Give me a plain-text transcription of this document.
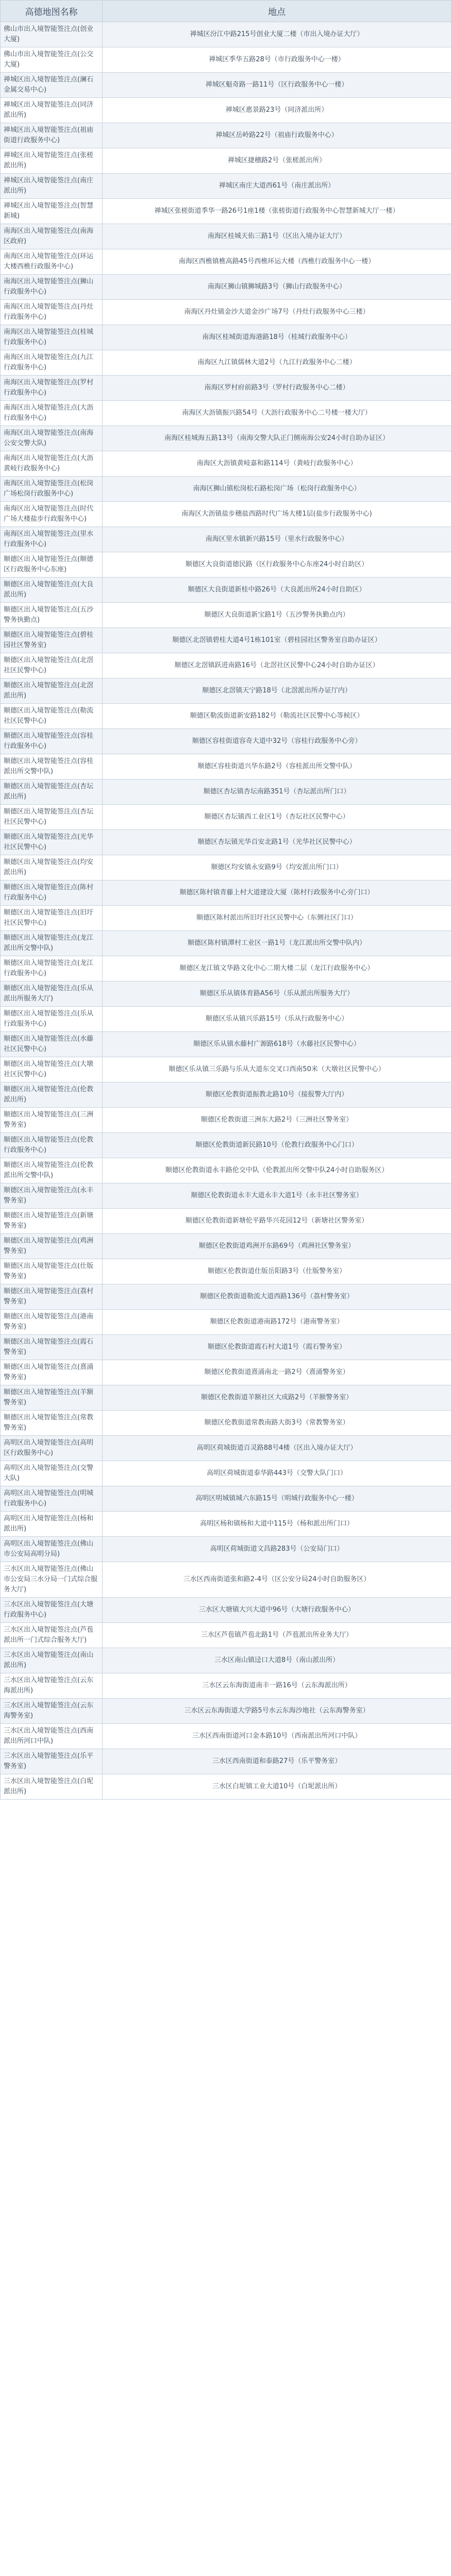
高德地图名称	地点
佛山市出入境智能签注点(创业大厦)	禅城区汾江中路215号创业大厦二楼（市出入境办证大厅）
佛山市出入境智能签注点(公交大厦)	禅城区季华五路28号（市行政服务中心一楼）
禅城区出入境智能签注点(澜石金属交易中心)	禅城区魁奇路一路11号（区行政服务中心一楼）
禅城区出入境智能签注点(同济派出所)	禅城区惠景路23号（同济派出所）
禅城区出入境智能签注点(祖庙街道行政服务中心)	禅城区岳岭路22号（祖庙行政服务中心）
禅城区出入境智能签注点(张槎派出所)	禅城区捷穗路2号（张槎派出所）
禅城区出入境智能签注点(南庄派出所)	禅城区南庄大道西61号（南庄派出所）
禅城区出入境智能签注点(智慧新城)	禅城区张槎街道季华一路26号1座1楼（张槎街道行政服务中心智慧新城大厅一楼）
南海区出入境智能签注点(南海区政府)	南海区桂城天佑三路1号（区出入境办证大厅）
南海区出入境智能签注点(环运大楼西樵行政服务中心)	南海区西樵镇樵高路45号西樵环运大楼（西樵行政服务中心一楼）
南海区出入境智能签注点(狮山行政服务中心)	南海区狮山镇狮城路3号（狮山行政服务中心）
南海区出入境智能签注点(丹灶行政服务中心)	南海区丹灶镇金沙大道金沙广场7号（丹灶行政服务中心三楼）
南海区出入境智能签注点(桂城行政服务中心)	南海区桂城街道海港路18号（桂城行政服务中心）
南海区出入境智能签注点(九江行政服务中心)	南海区九江镇儒林大道2号（九江行政服务中心二楼）
南海区出入境智能签注点(罗村行政服务中心)	南海区罗村府前路3号（罗村行政服务中心二楼）
南海区出入境智能签注点(大沥行政服务中心)	南海区大沥镇振兴路54号（大沥行政服务中心二号楼一楼大厅）
南海区出入境智能签注点(南海公安交警大队)	南海区桂城海五路13号（南海交警大队正门侧南海公安24小时自助办证区）
南海区出入境智能签注点(大沥黄岐行政服务中心)	南海区大沥镇黄岐嘉和路114号（黄岐行政服务中心）
南海区出入境智能签注点(松岗广场松岗行政服务中心)	南海区狮山镇松岗松石路松岗广场（松岗行政服务中心）
南海区出入境智能签注点(时代广场大楼盐步行政服务中心)	南海区大沥镇盐步穗盐西路时代广场大楼1层(盐步行政服务中心)
南海区出入境智能签注点(里水行政服务中心)	南海区里水镇新兴路15号（里水行政服务中心）
顺德区出入境智能签注点(顺德区行政服务中心东座)	顺德区大良街道德民路（区行政服务中心东座24小时自助区）
顺德区出入境智能签注点(大良派出所)	顺德区大良街道新桂中路26号（大良派出所24小时自助区）
顺德区出入境智能签注点(五沙警务执勤点)	顺德区大良街道新宝路1号（五沙警务执勤点内）
顺德区出入境智能签注点(碧桂园社区警务室)	顺德区北滘镇碧桂大道4号1栋101室（碧桂园社区警务室自助办证区）
顺德区出入境智能签注点(北滘社区民警中心)	顺德区北滘镇跃进南路16号（北滘社区民警中心24小时自助办证区）
顺德区出入境智能签注点(北滘派出所)	顺德区北滘镇天宁路18号（北滘派出所办证厅内）
顺德区出入境智能签注点(勒流社区民警中心)	顺德区勒流街道新安路182号（勒流社区民警中心等候区）
顺德区出入境智能签注点(容桂行政服务中心)	顺德区容桂街道容奇大道中32号（容桂行政服务中心旁）
顺德区出入境智能签注点(容桂派出所交警中队)	顺德区容桂街道兴华东路2号（容桂派出所交警中队）
顺德区出入境智能签注点(杏坛派出所)	顺德区杏坛镇杏坛南路351号（杏坛派出所门口）
顺德区出入境智能签注点(杏坛社区民警中心)	顺德区杏坛镇西工业区1号（杏坛社区民警中心）
顺德区出入境智能签注点(光华社区民警中心)	顺德区杏坛镇光华百安北路1号（光华社区民警中心）
顺德区出入境智能签注点(均安派出所)	顺德区均安镇永安路9号（均安派出所门口）
顺德区出入境智能签注点(陈村行政服务中心)	顺德区陈村镇青藤上村大道建设大厦（陈村行政服务中心旁门口）
顺德区出入境智能签注点(旧圩社区民警中心)	顺德区陈村派出所旧圩社区民警中心（东侧社区门口）
顺德区出入境智能签注点(龙江派出所交警中队)	顺德区陈村镇潭村工业区一路1号（龙江派出所交警中队内）
顺德区出入境智能签注点(龙江行政服务中心)	顺德区龙江镇文华路文化中心二期大楼二层（龙江行政服务中心）
顺德区出入境智能签注点(乐从派出所服务大厅)	顺德区乐从镇体育路A56号（乐从派出所服务大厅）
顺德区出入境智能签注点(乐从行政服务中心)	顺德区乐从镇兴乐路15号（乐从行政服务中心）
顺德区出入境智能签注点(水藤社区民警中心)	顺德区乐从镇水藤村广源路618号（水藤社区民警中心）
顺德区出入境智能签注点(大墩社区民警中心)	顺德区乐从镇三乐路与乐从大道东交叉口西南50米（大墩社区民警中心）
顺德区出入境智能签注点(伦教派出所)	顺德区伦教街道振教北路10号（接报警大厅内）
顺德区出入境智能签注点(三洲警务室)	顺德区伦教街道三洲东大路2号（三洲社区警务室）
顺德区出入境智能签注点(伦教行政服务中心)	顺德区伦教街道新民路10号（伦教行政服务中心门口）
顺德区出入境智能签注点(伦教派出所交警中队)	顺德区伦教街道永丰路伦交中队（伦教派出所交警中队24小时自助服务区）
顺德区出入境智能签注点(永丰警务室)	顺德区伦教街道永丰大道永丰大道1号（永丰社区警务室）
顺德区出入境智能签注点(新塘警务室)	顺德区伦教街道新塘伦平路华兴花园12号（新塘社区警务室）
顺德区出入境智能签注点(鸡洲警务室)	顺德区伦教街道鸡洲开东路69号（鸡洲社区警务室）
顺德区出入境智能签注点(仕版警务室)	顺德区伦教街道仕版岳阳路3号（仕版警务室）
顺德区出入境智能签注点(荔村警务室)	顺德区伦教街道勒流大道西路136号（荔村警务室）
顺德区出入境智能签注点(港南警务室)	顺德区伦教街道港南路172号（港南警务室）
顺德区出入境智能签注点(霞石警务室)	顺德区伦教街道霞石村大道1号（霞石警务室）
顺德区出入境智能签注点(熹涌警务室)	顺德区伦教街道熹涌南北一路2号（熹涌警务室）
顺德区出入境智能签注点(羊额警务室)	顺德区伦教街道羊额社区大成路2号（羊额警务室）
顺德区出入境智能签注点(常教警务室)	顺德区伦教街道常教南路大街3号（常教警务室）
高明区出入境智能签注点(高明区行政服务中心)	高明区荷城街道百灵路88号4楼（区出入境办证大厅）
高明区出入境智能签注点(交警大队)	高明区荷城街道泰华路443号（交警大队门口）
高明区出入境智能签注点(明城行政服务中心)	高明区明城镇城六东路15号（明城行政服务中心一楼）
高明区出入境智能签注点(杨和派出所)	高明区杨和镇杨和大道中115号（杨和派出所门口）
高明区出入境智能签注点(佛山市公安局高明分局)	高明区荷城街道文昌路283号（公安局门口）
三水区出入境智能签注点(佛山市公安局三水分局一门式综合服务大厅)	三水区西南街道张和路2-4号（区公安分局24小时自助服务区）
三水区出入境智能签注点(大塘行政服务中心)	三水区大塘镇大兴大道中96号（大塘行政服务中心）
三水区出入境智能签注点(芦苞派出所一门式综合服务大厅)	三水区芦苞镇芦苞北路1号（芦苞派出所业务大厅）
三水区出入境智能签注点(南山派出所)	三水区南山镇迳口大道8号（南山派出所）
三水区出入境智能签注点(云东海派出所)	三水区云东海街道南丰一路16号（云东海派出所）
三水区出入境智能签注点(云东海警务室)	三水区云东海街道大学路5号水云东海沙地社（云东海警务室）
三水区出入境智能签注点(西南派出所河口中队)	三水区西南街道河口金本路10号（西南派出所河口中队）
三水区出入境智能签注点(乐平警务室)	三水区西南街道和泰路27号（乐平警务室）
三水区出入境智能签注点(白坭派出所)	三水区白坭镇工业大道10号（白坭派出所）
